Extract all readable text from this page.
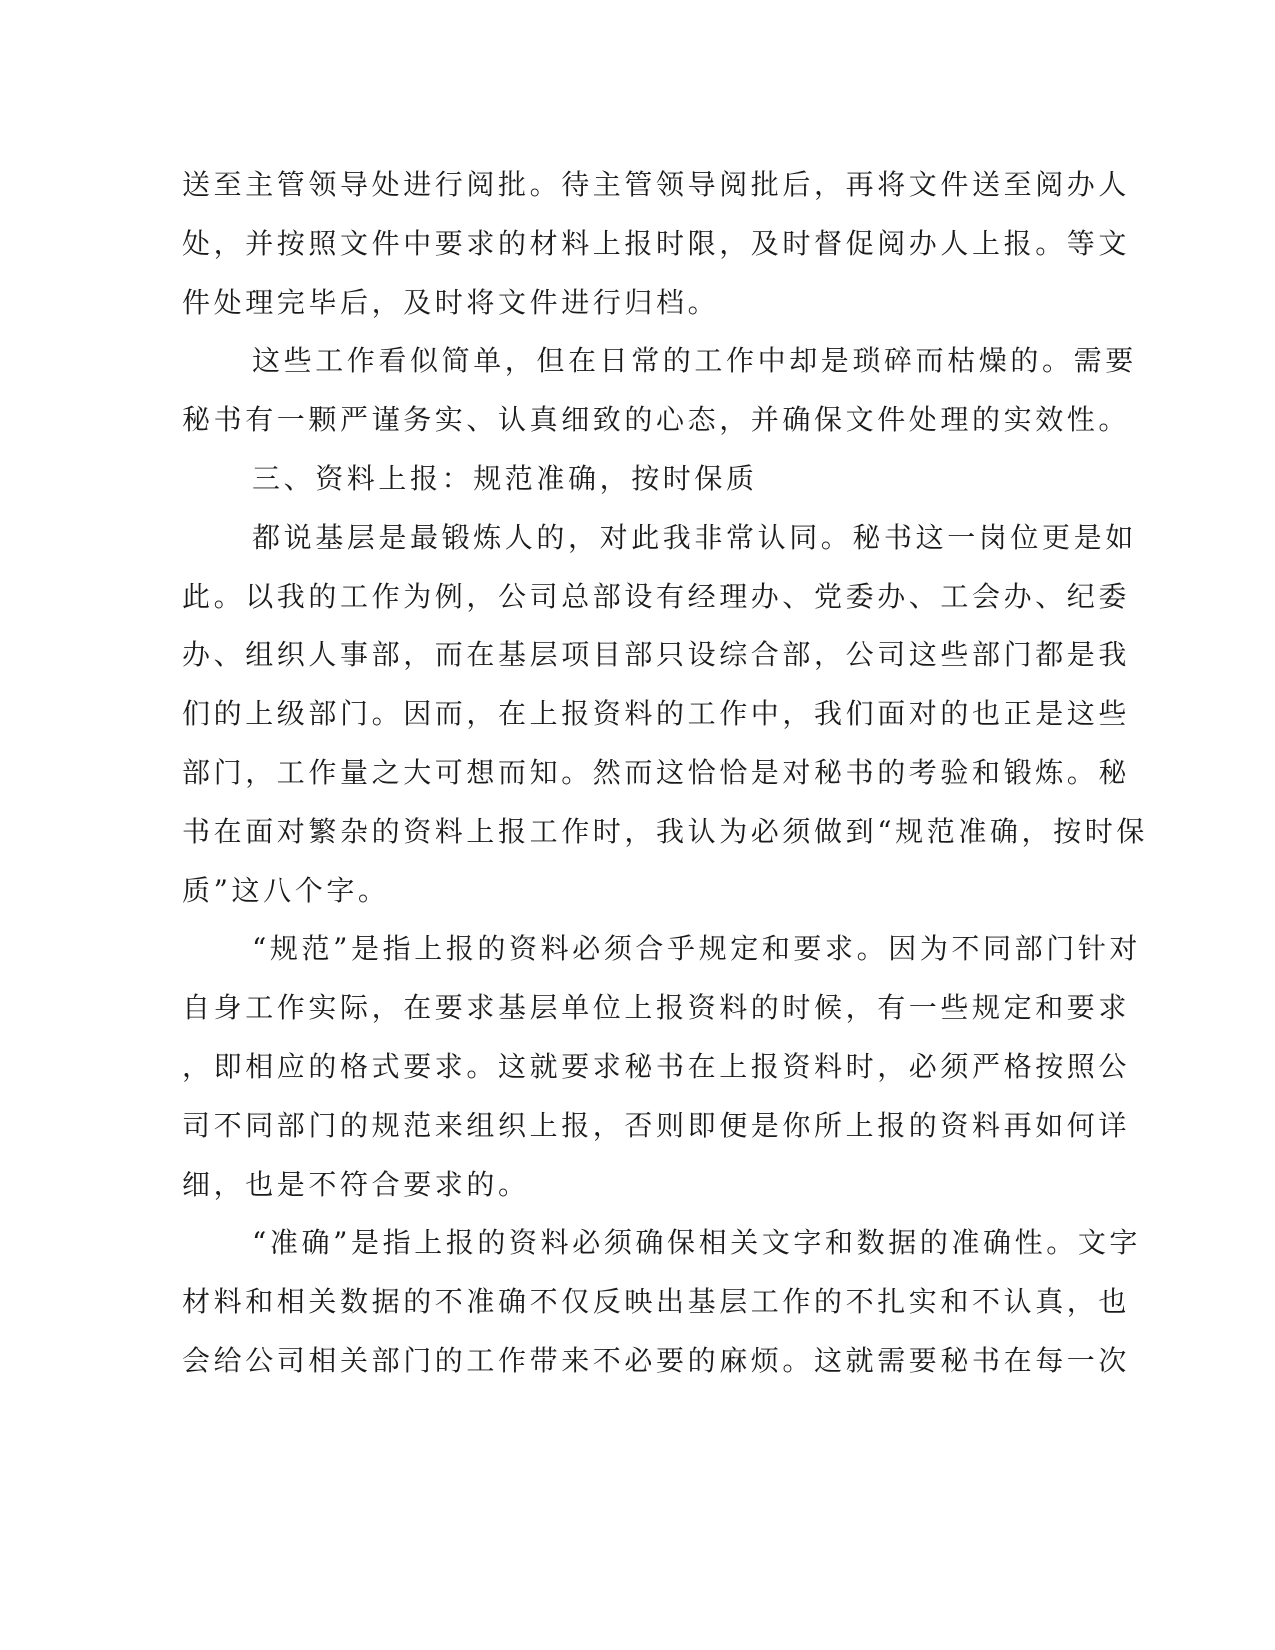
送至主管领导处进行阅批。待主管领导阅批后，再将文件送至阅办人
处，并按照文件中要求的材料上报时限，及时督促阅办人上报。等文
件处理完毕后，及时将文件进行归档。
这些工作看似简单，但在日常的工作中却是琐碎而枯燥的。需要
秘书有一颗严谨务实、认真细致的心态，并确保文件处理的实效性。
三、资料上报：规范准确，按时保质
都说基层是最锻炼人的，对此我非常认同。秘书这一岗位更是如
此。以我的工作为例，公司总部设有经理办、党委办、工会办、纪委
办、组织人事部，而在基层项目部只设综合部，公司这些部门都是我
们的上级部门。因而，在上报资料的工作中，我们面对的也正是这些
部门，工作量之大可想而知。然而这恰恰是对秘书的考验和锻炼。秘
书在面对繁杂的资料上报工作时，我认为必须做到“规范准确，按时保
质”这八个字。
“规范”是指上报的资料必须合乎规定和要求。因为不同部门针对
自身工作实际，在要求基层单位上报资料的时候，有一些规定和要求
，即相应的格式要求。这就要求秘书在上报资料时，必须严格按照公
司不同部门的规范来组织上报，否则即便是你所上报的资料再如何详
细，也是不符合要求的。
“准确”是指上报的资料必须确保相关文字和数据的准确性。文字
材料和相关数据的不准确不仅反映出基层工作的不扎实和不认真，也
会给公司相关部门的工作带来不必要的麻烦。这就需要秘书在每一次
